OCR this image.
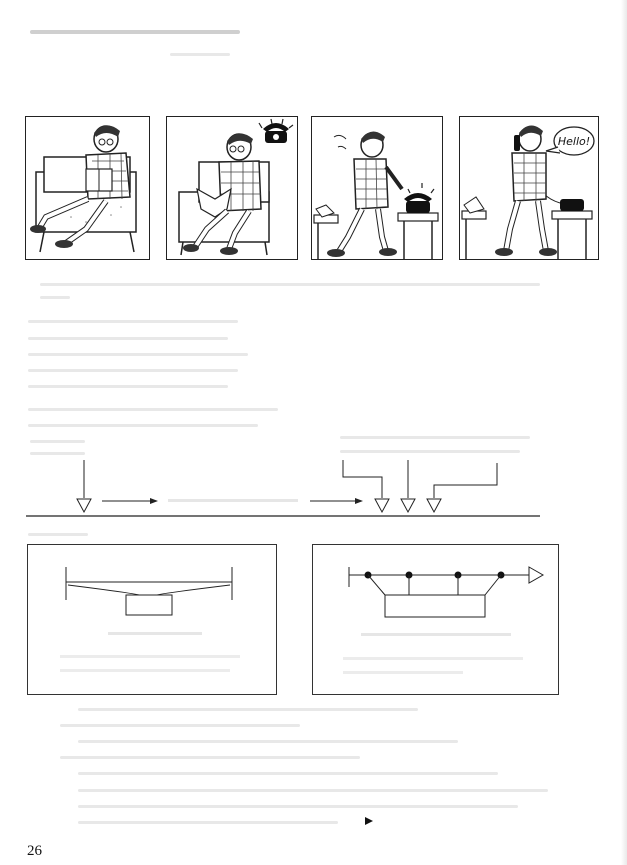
Hello!
26
